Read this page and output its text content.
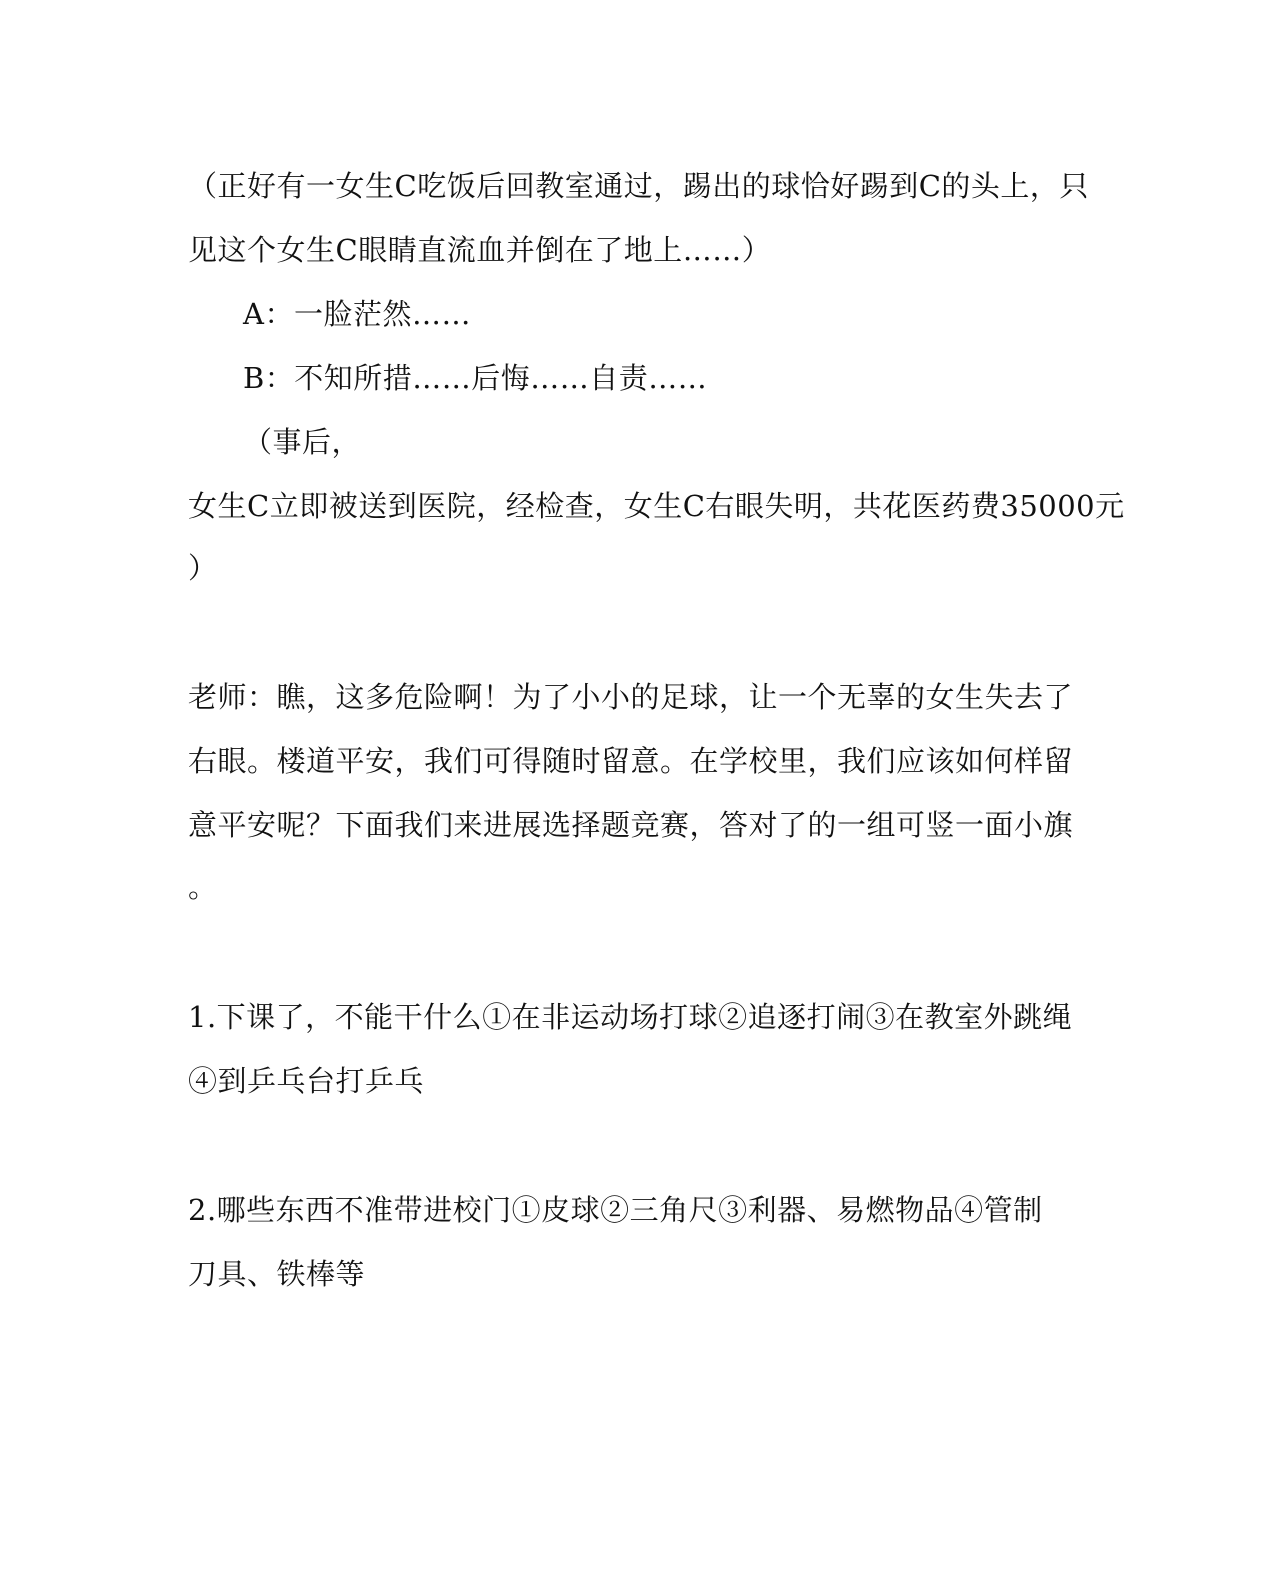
（正好有一女生C吃饭后回教室通过，踢出的球恰好踢到C的头上，只
见这个女生C眼睛直流血并倒在了地上……）
A：一脸茫然……
B：不知所措……后悔……自责……
（事后，
女生C立即被送到医院，经检查，女生C右眼失明，共花医药费35000元
）
老师：瞧，这多危险啊！为了小小的足球，让一个无辜的女生失去了
右眼。楼道平安，我们可得随时留意。在学校里，我们应该如何样留
意平安呢？下面我们来进展选择题竞赛，答对了的一组可竖一面小旗
。
1.下课了，不能干什么①在非运动场打球②追逐打闹③在教室外跳绳
④到乒乓台打乒乓
2.哪些东西不准带进校门①皮球②三角尺③利器、易燃物品④管制
刀具、铁棒等
